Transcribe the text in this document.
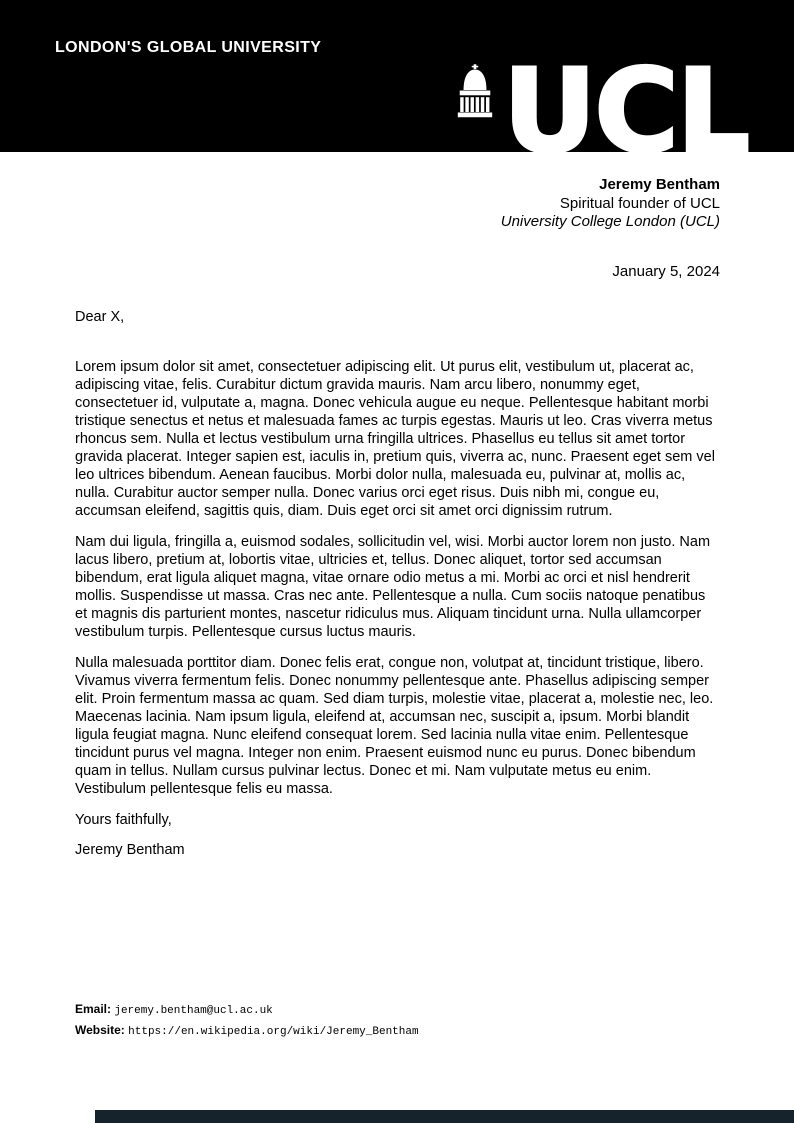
LONDON'S GLOBAL UNIVERSITY UCL
Jeremy Bentham
Spiritual founder of UCL
University College London (UCL)
January 5, 2024

Dear X,

Lorem ipsum dolor sit amet, consectetuer adipiscing elit. Ut purus elit, vestibulum ut, placerat ac, adipiscing vitae, felis. Curabitur dictum gravida mauris. Nam arcu libero, nonummy eget, consectetuer id, vulputate a, magna. Donec vehicula augue eu neque. Pellentesque habitant morbi tristique senectus et netus et malesuada fames ac turpis egestas. Mauris ut leo. Cras viverra metus rhoncus sem. Nulla et lectus vestibulum urna fringilla ultrices. Phasellus eu tellus sit amet tortor gravida placerat. Integer sapien est, iaculis in, pretium quis, viverra ac, nunc. Praesent eget sem vel leo ultrices bibendum. Aenean faucibus. Morbi dolor nulla, malesuada eu, pulvinar at, mollis ac, nulla. Curabitur auctor semper nulla. Donec varius orci eget risus. Duis nibh mi, congue eu, accumsan eleifend, sagittis quis, diam. Duis eget orci sit amet orci dignissim rutrum.

Nam dui ligula, fringilla a, euismod sodales, sollicitudin vel, wisi. Morbi auctor lorem non justo. Nam lacus libero, pretium at, lobortis vitae, ultricies et, tellus. Donec aliquet, tortor sed accumsan bibendum, erat ligula aliquet magna, vitae ornare odio metus a mi. Morbi ac orci et nisl hendrerit mollis. Suspendisse ut massa. Cras nec ante. Pellentesque a nulla. Cum sociis natoque penatibus et magnis dis parturient montes, nascetur ridiculus mus. Aliquam tincidunt urna. Nulla ullamcorper vestibulum turpis. Pellentesque cursus luctus mauris.

Nulla malesuada porttitor diam. Donec felis erat, congue non, volutpat at, tincidunt tristique, libero. Vivamus viverra fermentum felis. Donec nonummy pellentesque ante. Phasellus adipiscing semper elit. Proin fermentum massa ac quam. Sed diam turpis, molestie vitae, placerat a, molestie nec, leo. Maecenas lacinia. Nam ipsum ligula, eleifend at, accumsan nec, suscipit a, ipsum. Morbi blandit ligula feugiat magna. Nunc eleifend consequat lorem. Sed lacinia nulla vitae enim. Pellentesque tincidunt purus vel magna. Integer non enim. Praesent euismod nunc eu purus. Donec bibendum quam in tellus. Nullam cursus pulvinar lectus. Donec et mi. Nam vulputate metus eu enim. Vestibulum pellentesque felis eu massa.

Yours faithfully,

Jeremy Bentham

Email: jeremy.bentham@ucl.ac.uk
Website: https://en.wikipedia.org/wiki/Jeremy_Bentham
